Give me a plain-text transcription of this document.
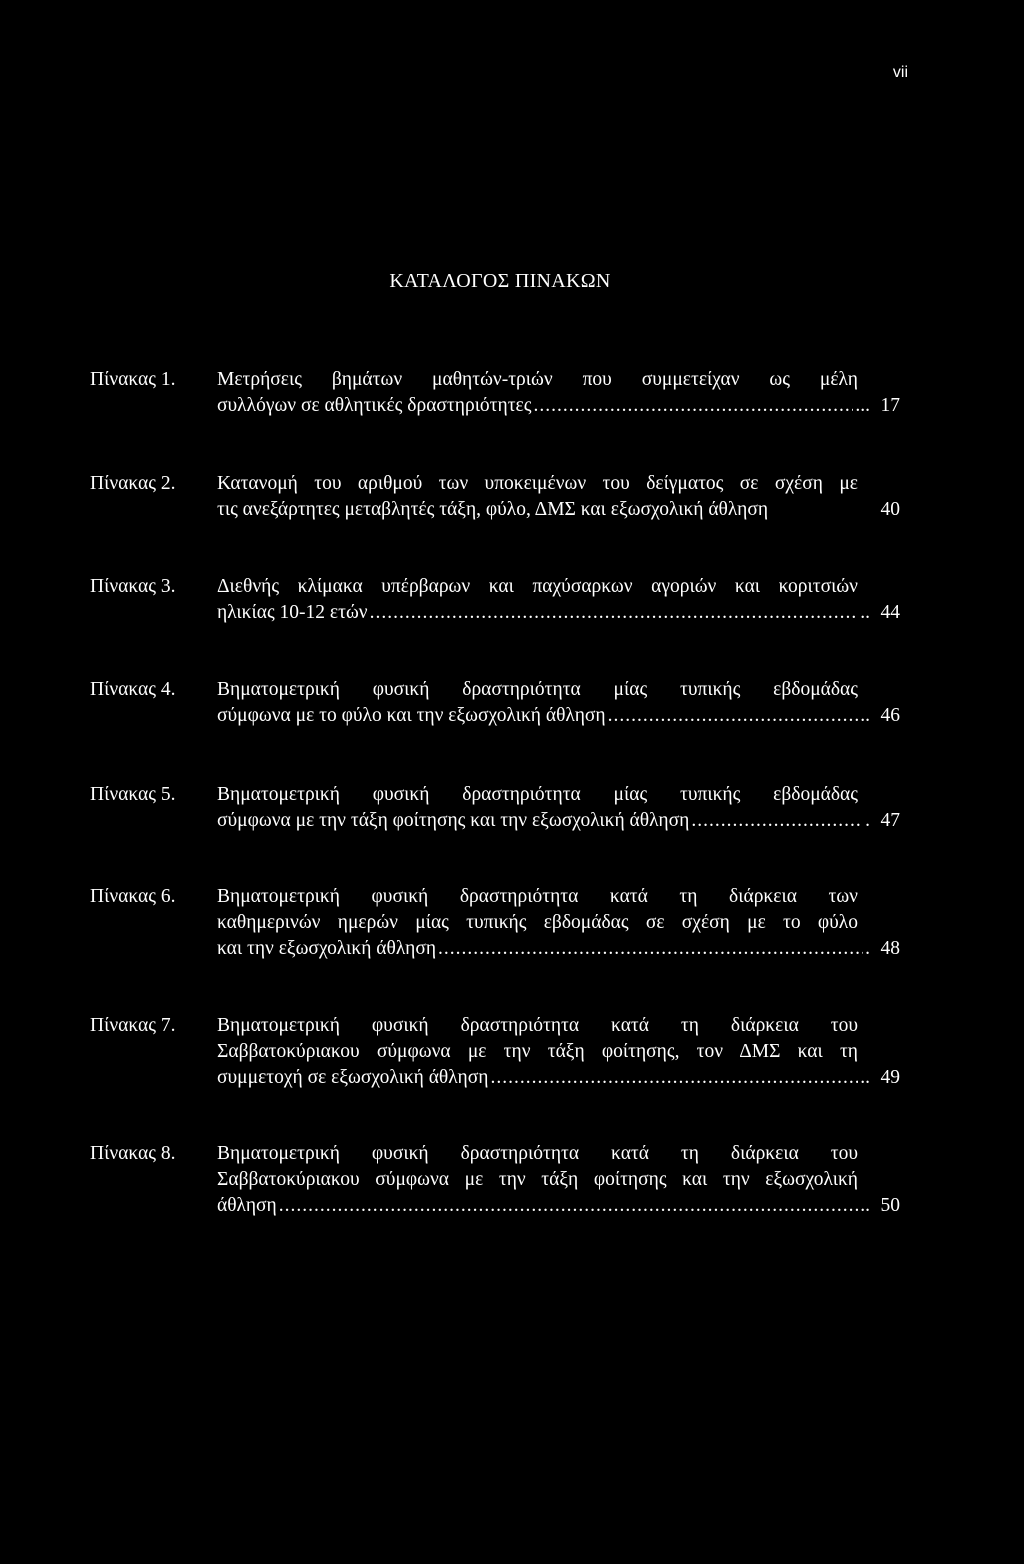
vii
ΚΑΤΑΛΟΓΟΣ ΠΙΝΑΚΩΝ
Πίνακας 1.	Μετρήσεις βημάτων μαθητών-τριών που συμμετείχαν ως μέλη
συλλόγων σε αθλητικές δραστηριότητες .....	... 17
Πίνακας 2.	Κατανομή του αριθμού των υποκειμένων του δείγματος σε σχέση με
τις ανεξάρτητες μεταβλητές τάξη, φύλο, ΔΜΣ και εξωσχολική άθληση	40
Πίνακας 3.	Διεθνής κλίμακα υπέρβαρων και παχύσαρκων αγοριών και κοριτσιών
ηλικίας 10-12 ετών .....	.. 44
Πίνακας 4.	Βηματομετρική φυσική δραστηριότητα μίας τυπικής εβδομάδας
σύμφωνα με το φύλο και την εξωσχολική άθληση .....	.. 46
Πίνακας 5.	Βηματομετρική φυσική δραστηριότητα μίας τυπικής εβδομάδας
σύμφωνα με την τάξη φοίτησης και την εξωσχολική άθληση .....	. 47
Πίνακας 6.	Βηματομετρική φυσική δραστηριότητα κατά τη διάρκεια των
καθημερινών ημερών μίας τυπικής εβδομάδας σε σχέση με το φύλο
και την εξωσχολική άθληση .....	. 48
Πίνακας 7.	Βηματομετρική φυσική δραστηριότητα κατά τη διάρκεια του
Σαββατοκύριακου σύμφωνα με την τάξη φοίτησης, τον ΔΜΣ και τη
συμμετοχή σε εξωσχολική άθληση .....	.. 49
Πίνακας 8.	Βηματομετρική φυσική δραστηριότητα κατά τη διάρκεια του
Σαββατοκύριακου σύμφωνα με την τάξη φοίτησης και την εξωσχολική
άθληση .....	.. 50
